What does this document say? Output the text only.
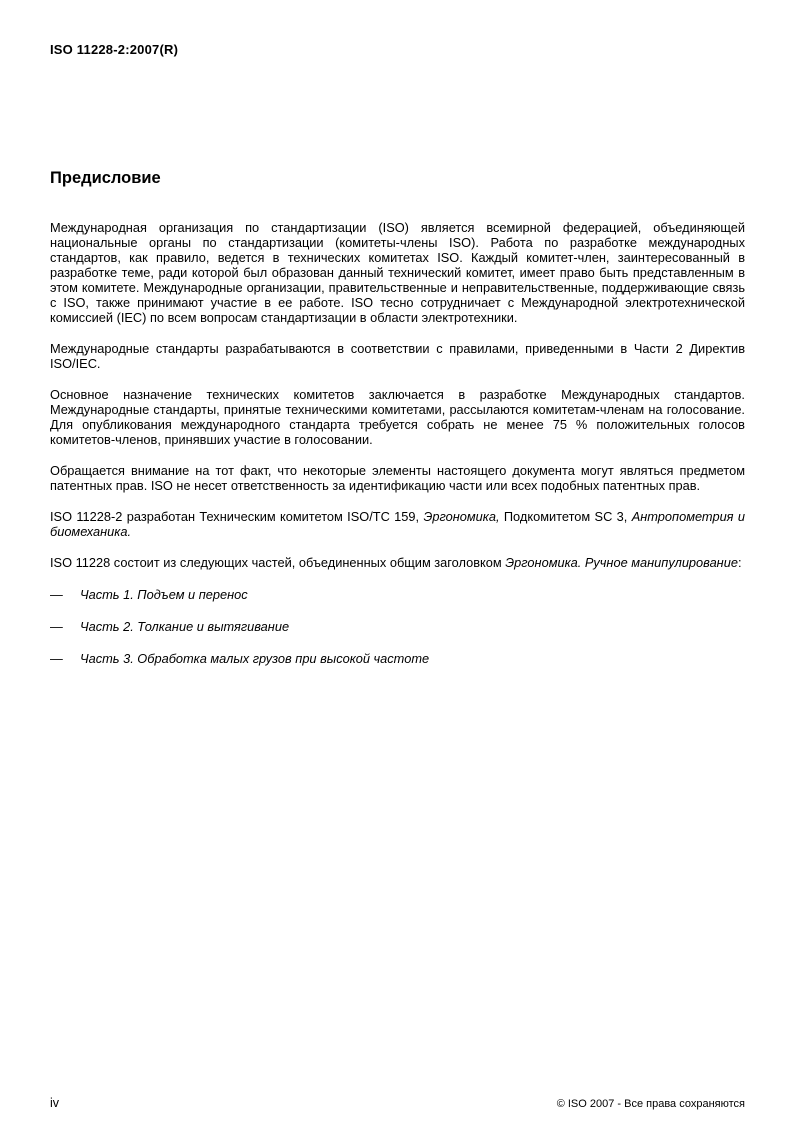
ISO 11228-2:2007(R)
Предисловие

Международная организация по стандартизации (ISO) является всемирной федерацией, объединяющей национальные органы по стандартизации (комитеты-члены ISO). Работа по разработке международных стандартов, как правило, ведется в технических комитетах ISO. Каждый комитет-член, заинтересованный в разработке теме, ради которой был образован данный технический комитет, имеет право быть представленным в этом комитете. Международные организации, правительственные и неправительственные, поддерживающие связь с ISO, также принимают участие в ее работе. ISO тесно сотрудничает с Международной электротехнической комиссией (IEC) по всем вопросам стандартизации в области электротехники.

Международные стандарты разрабатываются в соответствии с правилами, приведенными в Части 2 Директив ISO/IEC.

Основное назначение технических комитетов заключается в разработке Международных стандартов. Международные стандарты, принятые техническими комитетами, рассылаются комитетам-членам на голосование. Для опубликования международного стандарта требуется собрать не менее 75 % положительных голосов комитетов-членов, принявших участие в голосовании.

Обращается внимание на тот факт, что некоторые элементы настоящего документа могут являться предметом патентных прав. ISO не несет ответственность за идентификацию части или всех подобных патентных прав.

ISO 11228-2 разработан Техническим комитетом ISO/TC 159, Эргономика, Подкомитетом SC 3, Антропометрия и биомеханика.

ISO 11228 состоит из следующих частей, объединенных общим заголовком Эргономика. Ручное манипулирование:

—	Часть 1. Подъем и перенос
—	Часть 2. Толкание и вытягивание
—	Часть 3. Обработка малых грузов при высокой частоте
iv	© ISO 2007 - Все права сохраняются
